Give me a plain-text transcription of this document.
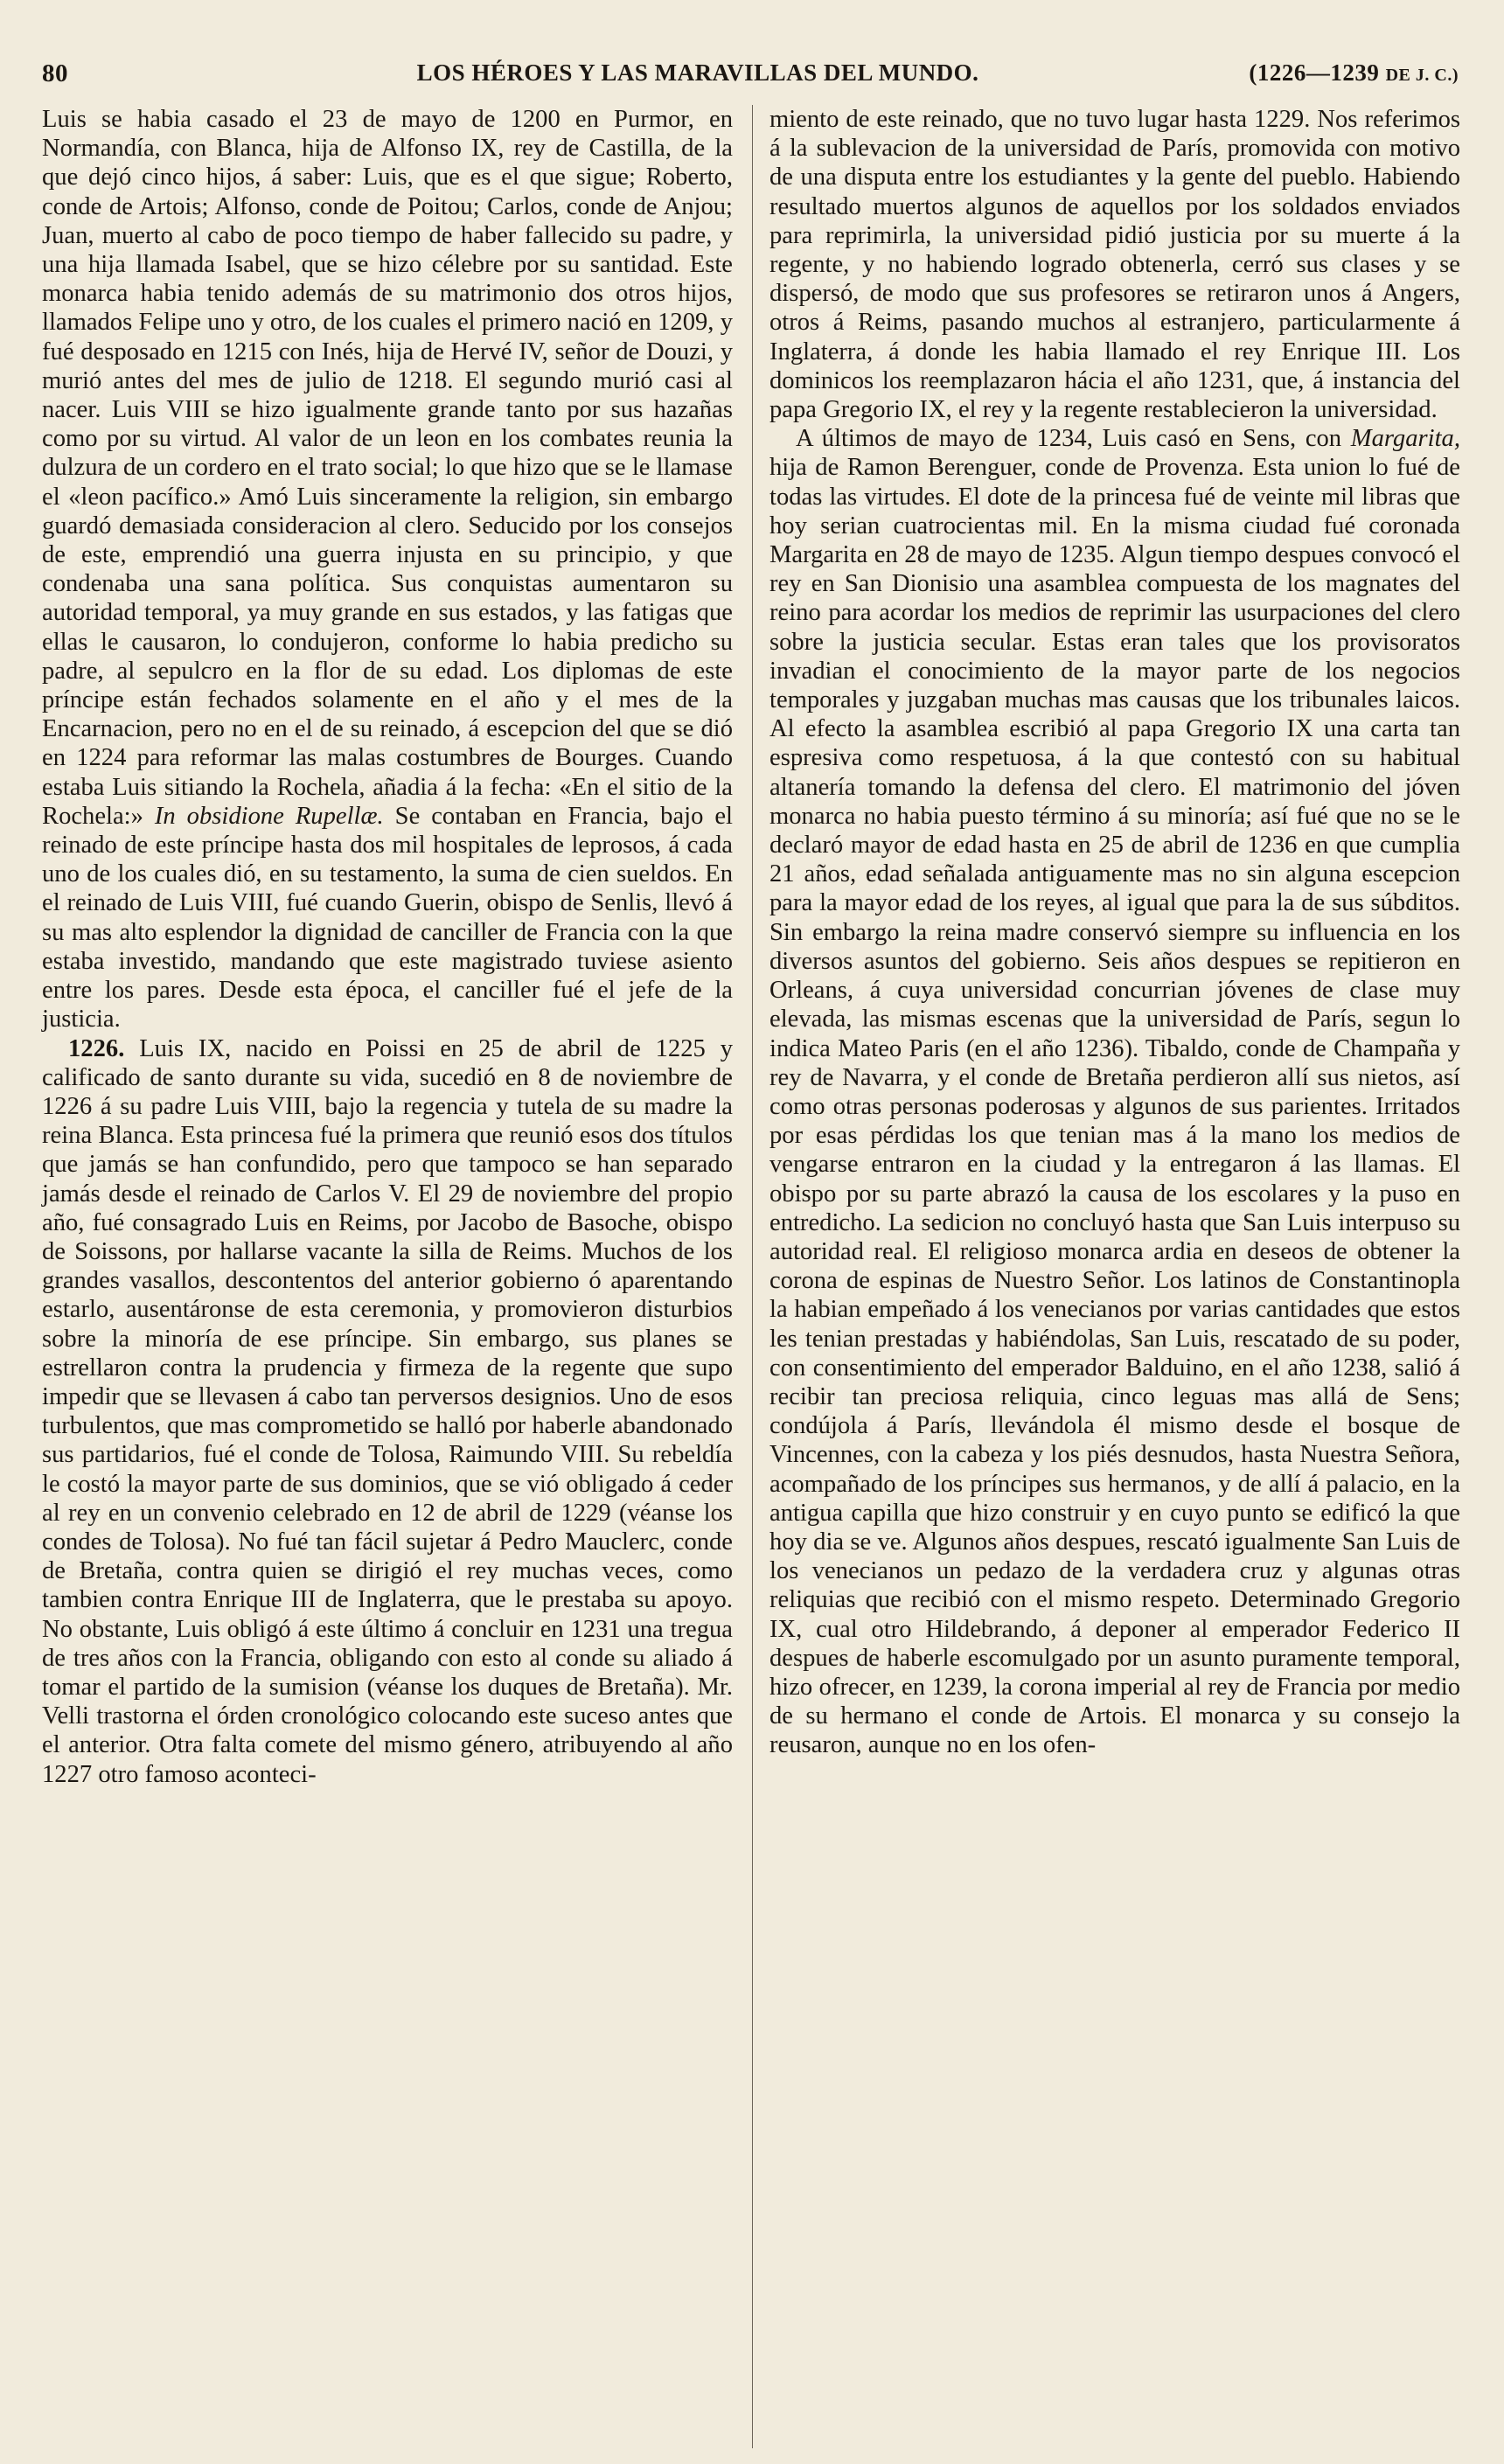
80	LOS HÉROES Y LAS MARAVILLAS DEL MUNDO.	(1226—1239 DE J. C.)

Luis se habia casado el 23 de mayo de 1200 en Purmor, en Normandía, con Blanca, hija de Alfonso IX, rey de Castilla, de la que dejó cinco hijos, á saber: Luis, que es el que sigue; Roberto, conde de Artois; Alfonso, conde de Poitou; Carlos, conde de Anjou; Juan, muerto al cabo de poco tiempo de haber fallecido su padre, y una hija llamada Isabel, que se hizo célebre por su santidad. Este monarca habia tenido además de su matrimonio dos otros hijos, llamados Felipe uno y otro, de los cuales el primero nació en 1209, y fué desposado en 1215 con Inés, hija de Hervé IV, señor de Douzi, y murió antes del mes de julio de 1218. El segundo murió casi al nacer. Luis VIII se hizo igualmente grande tanto por sus hazañas como por su virtud. Al valor de un leon en los combates reunia la dulzura de un cordero en el trato social; lo que hizo que se le llamase el «leon pacífico.» Amó Luis sinceramente la religion, sin embargo guardó demasiada consideracion al clero. Seducido por los consejos de este, emprendió una guerra injusta en su principio, y que condenaba una sana política. Sus conquistas aumentaron su autoridad temporal, ya muy grande en sus estados, y las fatigas que ellas le causaron, lo condujeron, conforme lo habia predicho su padre, al sepulcro en la flor de su edad. Los diplomas de este príncipe están fechados solamente en el año y el mes de la Encarnacion, pero no en el de su reinado, á escepcion del que se dió en 1224 para reformar las malas costumbres de Bourges. Cuando estaba Luis sitiando la Rochela, añadia á la fecha: «En el sitio de la Rochela:» In obsidione Rupellæ. Se contaban en Francia, bajo el reinado de este príncipe hasta dos mil hospitales de leprosos, á cada uno de los cuales dió, en su testamento, la suma de cien sueldos. En el reinado de Luis VIII, fué cuando Guerin, obispo de Senlis, llevó á su mas alto esplendor la dignidad de canciller de Francia con la que estaba investido, mandando que este magistrado tuviese asiento entre los pares. Desde esta época, el canciller fué el jefe de la justicia.

1226. Luis IX, nacido en Poissi en 25 de abril de 1225 y calificado de santo durante su vida, sucedió en 8 de noviembre de 1226 á su padre Luis VIII, bajo la regencia y tutela de su madre la reina Blanca. Esta princesa fué la primera que reunió esos dos títulos que jamás se han confundido, pero que tampoco se han separado jamás desde el reinado de Carlos V. El 29 de noviembre del propio año, fué consagrado Luis en Reims, por Jacobo de Basoche, obispo de Soissons, por hallarse vacante la silla de Reims. Muchos de los grandes vasallos, descontentos del anterior gobierno ó aparentando estarlo, ausentáronse de esta ceremonia, y promovieron disturbios sobre la minoría de ese príncipe. Sin embargo, sus planes se estrellaron contra la prudencia y firmeza de la regente que supo impedir que se llevasen á cabo tan perversos designios. Uno de esos turbulentos, que mas comprometido se halló por haberle abandonado sus partidarios, fué el conde de Tolosa, Raimundo VIII. Su rebeldía le costó la mayor parte de sus dominios, que se vió obligado á ceder al rey en un convenio celebrado en 12 de abril de 1229 (véanse los condes de Tolosa). No fué tan fácil sujetar á Pedro Mauclerc, conde de Bretaña, contra quien se dirigió el rey muchas veces, como tambien contra Enrique III de Inglaterra, que le prestaba su apoyo. No obstante, Luis obligó á este último á concluir en 1231 una tregua de tres años con la Francia, obligando con esto al conde su aliado á tomar el partido de la sumision (véanse los duques de Bretaña). Mr. Velli trastorna el órden cronológico colocando este suceso antes que el anterior. Otra falta comete del mismo género, atribuyendo al año 1227 otro famoso aconteci-

miento de este reinado, que no tuvo lugar hasta 1229. Nos referimos á la sublevacion de la universidad de París, promovida con motivo de una disputa entre los estudiantes y la gente del pueblo. Habiendo resultado muertos algunos de aquellos por los soldados enviados para reprimirla, la universidad pidió justicia por su muerte á la regente, y no habiendo logrado obtenerla, cerró sus clases y se dispersó, de modo que sus profesores se retiraron unos á Angers, otros á Reims, pasando muchos al estranjero, particularmente á Inglaterra, á donde les habia llamado el rey Enrique III. Los dominicos los reemplazaron hácia el año 1231, que, á instancia del papa Gregorio IX, el rey y la regente restablecieron la universidad.

A últimos de mayo de 1234, Luis casó en Sens, con Margarita, hija de Ramon Berenguer, conde de Provenza. Esta union lo fué de todas las virtudes. El dote de la princesa fué de veinte mil libras que hoy serian cuatrocientas mil. En la misma ciudad fué coronada Margarita en 28 de mayo de 1235. Algun tiempo despues convocó el rey en San Dionisio una asamblea compuesta de los magnates del reino para acordar los medios de reprimir las usurpaciones del clero sobre la justicia secular. Estas eran tales que los provisoratos invadian el conocimiento de la mayor parte de los negocios temporales y juzgaban muchas mas causas que los tribunales laicos. Al efecto la asamblea escribió al papa Gregorio IX una carta tan espresiva como respetuosa, á la que contestó con su habitual altanería tomando la defensa del clero. El matrimonio del jóven monarca no habia puesto término á su minoría; así fué que no se le declaró mayor de edad hasta en 25 de abril de 1236 en que cumplia 21 años, edad señalada antiguamente mas no sin alguna escepcion para la mayor edad de los reyes, al igual que para la de sus súbditos. Sin embargo la reina madre conservó siempre su influencia en los diversos asuntos del gobierno. Seis años despues se repitieron en Orleans, á cuya universidad concurrian jóvenes de clase muy elevada, las mismas escenas que la universidad de París, segun lo indica Mateo Paris (en el año 1236). Tibaldo, conde de Champaña y rey de Navarra, y el conde de Bretaña perdieron allí sus nietos, así como otras personas poderosas y algunos de sus parientes. Irritados por esas pérdidas los que tenian mas á la mano los medios de vengarse entraron en la ciudad y la entregaron á las llamas. El obispo por su parte abrazó la causa de los escolares y la puso en entredicho. La sedicion no concluyó hasta que San Luis interpuso su autoridad real. El religioso monarca ardia en deseos de obtener la corona de espinas de Nuestro Señor. Los latinos de Constantinopla la habian empeñado á los venecianos por varias cantidades que estos les tenian prestadas y habiéndolas, San Luis, rescatado de su poder, con consentimiento del emperador Balduino, en el año 1238, salió á recibir tan preciosa reliquia, cinco leguas mas allá de Sens; condújola á París, llevándola él mismo desde el bosque de Vincennes, con la cabeza y los piés desnudos, hasta Nuestra Señora, acompañado de los príncipes sus hermanos, y de allí á palacio, en la antigua capilla que hizo construir y en cuyo punto se edificó la que hoy dia se ve. Algunos años despues, rescató igualmente San Luis de los venecianos un pedazo de la verdadera cruz y algunas otras reliquias que recibió con el mismo respeto. Determinado Gregorio IX, cual otro Hildebrando, á deponer al emperador Federico II despues de haberle escomulgado por un asunto puramente temporal, hizo ofrecer, en 1239, la corona imperial al rey de Francia por medio de su hermano el conde de Artois. El monarca y su consejo la reusaron, aunque no en los ofen-
